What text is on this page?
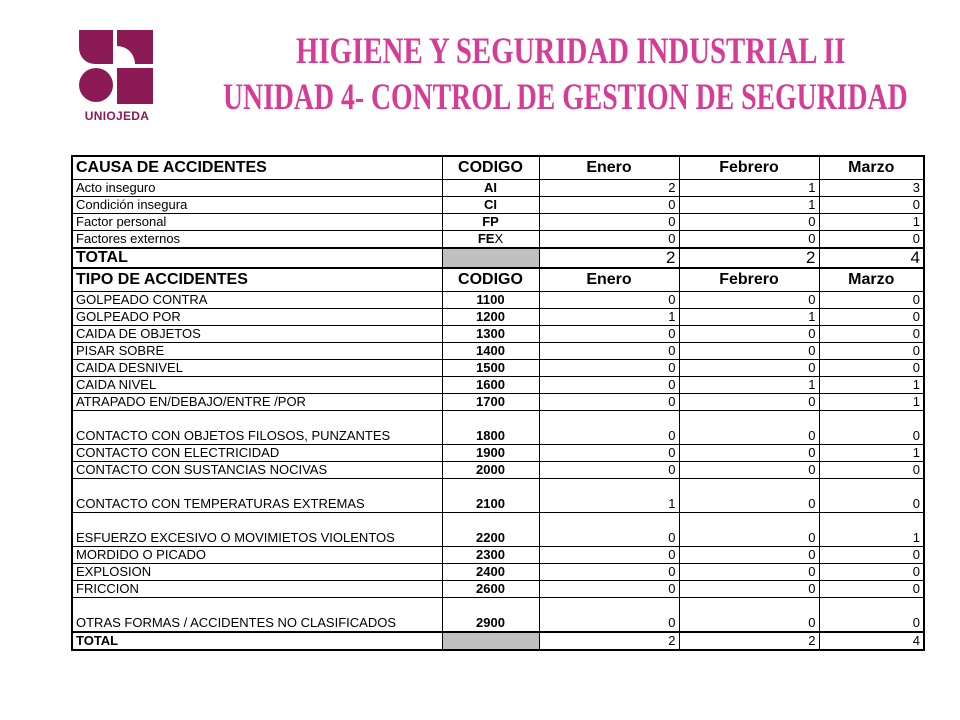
UNIOJEDA
HIGIENE Y SEGURIDAD INDUSTRIAL II
UNIDAD 4- CONTROL DE GESTION DE SEGURIDAD
CAUSA DE ACCIDENTES	CODIGO	Enero	Febrero	Marzo
Acto inseguro	AI	2	1	3
Condición insegura	CI	0	1	0
Factor personal	FP	0	0	1
Factores externos	FEX	0	0	0
TOTAL		2	2	4
TIPO DE ACCIDENTES	CODIGO	Enero	Febrero	Marzo
GOLPEADO CONTRA	1100	0	0	0
GOLPEADO POR	1200	1	1	0
CAIDA DE OBJETOS	1300	0	0	0
PISAR SOBRE	1400	0	0	0
CAIDA DESNIVEL	1500	0	0	0
CAIDA NIVEL	1600	0	1	1
ATRAPADO EN/DEBAJO/ENTRE /POR	1700	0	0	1
CONTACTO CON OBJETOS FILOSOS, PUNZANTES	1800	0	0	0
CONTACTO CON ELECTRICIDAD	1900	0	0	1
CONTACTO CON SUSTANCIAS NOCIVAS	2000	0	0	0
CONTACTO CON TEMPERATURAS EXTREMAS	2100	1	0	0
ESFUERZO EXCESIVO O MOVIMIETOS VIOLENTOS	2200	0	0	1
MORDIDO O PICADO	2300	0	0	0
EXPLOSION	2400	0	0	0
FRICCION	2600	0	0	0
OTRAS FORMAS / ACCIDENTES NO CLASIFICADOS	2900	0	0	0
TOTAL		2	2	4
